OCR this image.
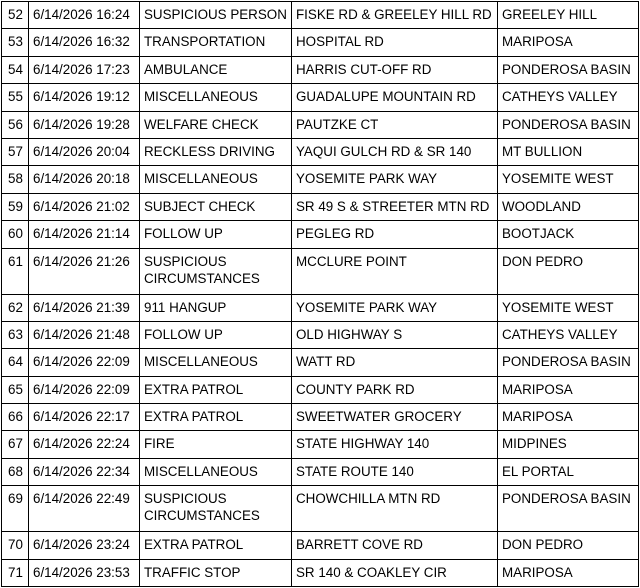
52	6/14/2026 16:24	SUSPICIOUS PERSON	FISKE RD & GREELEY HILL RD	GREELEY HILL
53	6/14/2026 16:32	TRANSPORTATION	HOSPITAL RD	MARIPOSA
54	6/14/2026 17:23	AMBULANCE	HARRIS CUT-OFF RD	PONDEROSA BASIN
55	6/14/2026 19:12	MISCELLANEOUS	GUADALUPE MOUNTAIN RD	CATHEYS VALLEY
56	6/14/2026 19:28	WELFARE CHECK	PAUTZKE CT	PONDEROSA BASIN
57	6/14/2026 20:04	RECKLESS DRIVING	YAQUI GULCH RD & SR 140	MT BULLION
58	6/14/2026 20:18	MISCELLANEOUS	YOSEMITE PARK WAY	YOSEMITE WEST
59	6/14/2026 21:02	SUBJECT CHECK	SR 49 S & STREETER MTN RD	WOODLAND
60	6/14/2026 21:14	FOLLOW UP	PEGLEG RD	BOOTJACK
61	6/14/2026 21:26	SUSPICIOUS CIRCUMSTANCES	MCCLURE POINT	DON PEDRO
62	6/14/2026 21:39	911 HANGUP	YOSEMITE PARK WAY	YOSEMITE WEST
63	6/14/2026 21:48	FOLLOW UP	OLD HIGHWAY S	CATHEYS VALLEY
64	6/14/2026 22:09	MISCELLANEOUS	WATT RD	PONDEROSA BASIN
65	6/14/2026 22:09	EXTRA PATROL	COUNTY PARK RD	MARIPOSA
66	6/14/2026 22:17	EXTRA PATROL	SWEETWATER GROCERY	MARIPOSA
67	6/14/2026 22:24	FIRE	STATE HIGHWAY 140	MIDPINES
68	6/14/2026 22:34	MISCELLANEOUS	STATE ROUTE 140	EL PORTAL
69	6/14/2026 22:49	SUSPICIOUS CIRCUMSTANCES	CHOWCHILLA MTN RD	PONDEROSA BASIN
70	6/14/2026 23:24	EXTRA PATROL	BARRETT COVE RD	DON PEDRO
71	6/14/2026 23:53	TRAFFIC STOP	SR 140 & COAKLEY CIR	MARIPOSA
